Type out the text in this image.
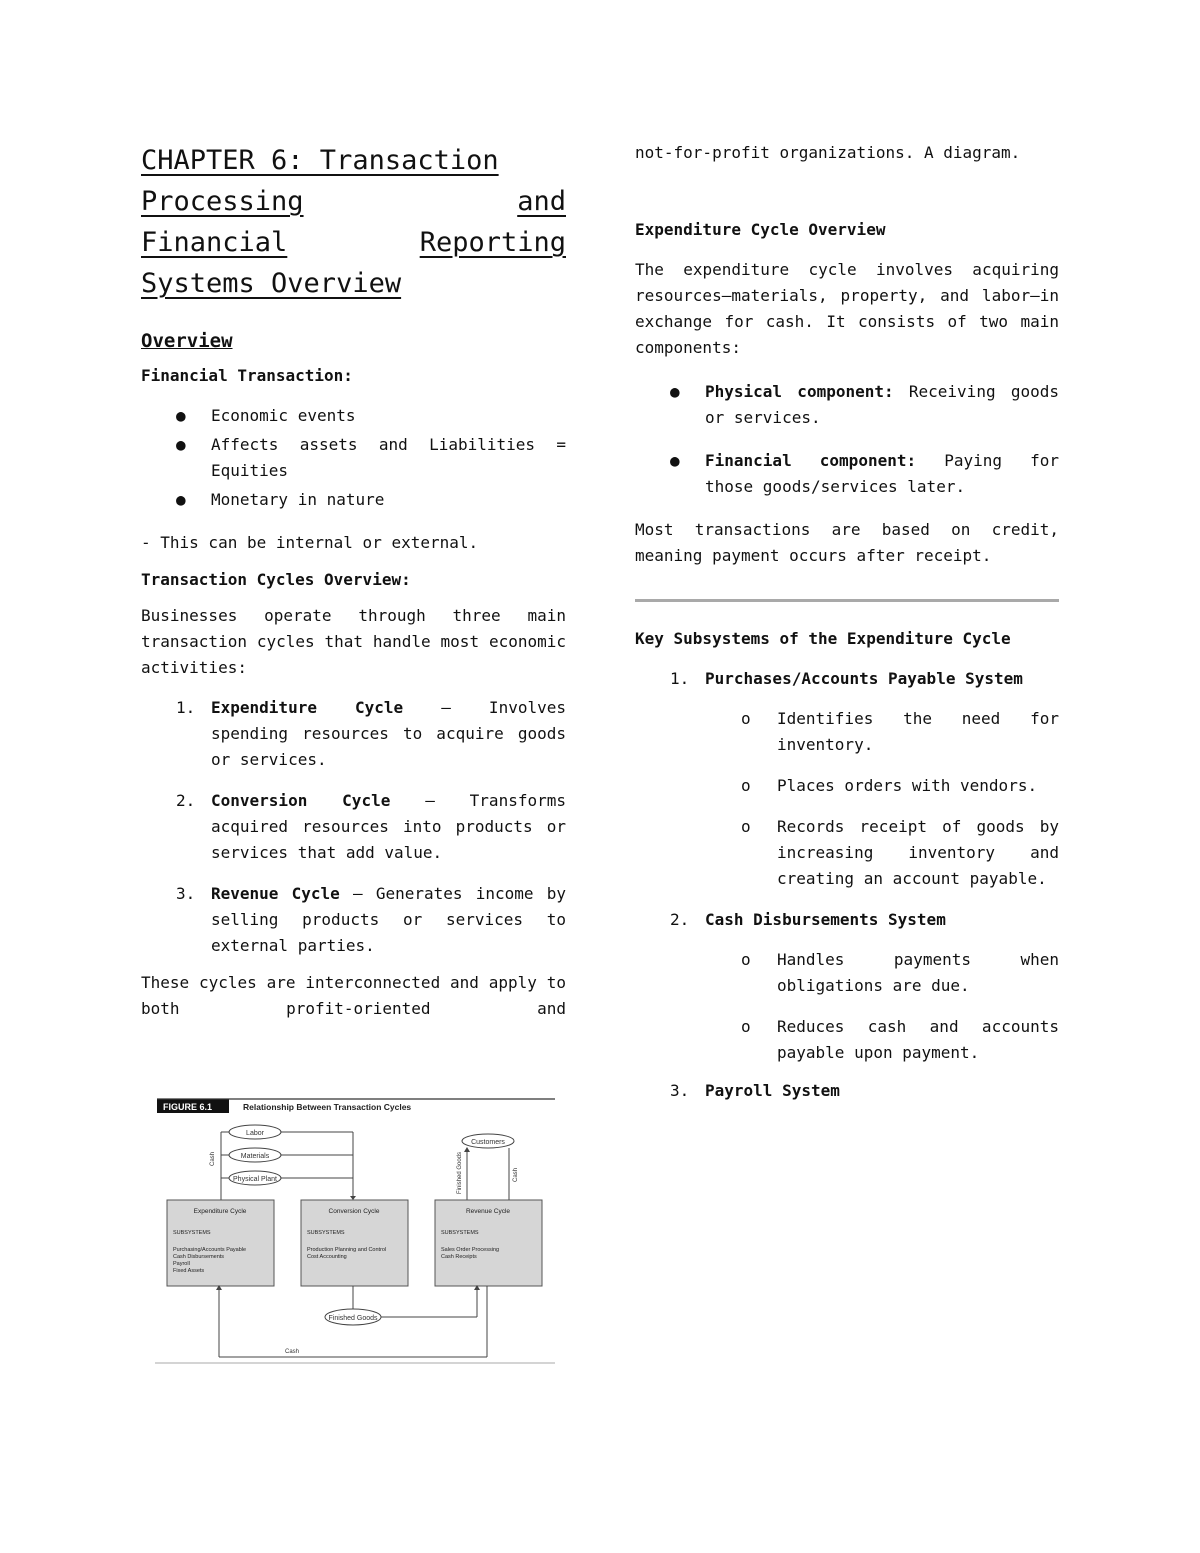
CHAPTER 6: Transaction

Processing	and

Financial	Reporting

Systems Overview

Overview

Financial Transaction:

● Economic events
● Affects assets and Liabilities = Equities
● Monetary in nature

- This can be internal or external.

Transaction Cycles Overview:

Businesses operate through three main transaction cycles that handle most economic activities:

1. Expenditure Cycle – Involves spending resources to acquire goods or services.
2. Conversion Cycle – Transforms acquired resources into products or services that add value.
3. Revenue Cycle – Generates income by selling products or services to external parties.

These cycles are interconnected and apply to both profit-oriented and

FIGURE 6.1	Relationship Between Transaction Cycles
Labor
Materials
Physical Plant
Customers
Finished Goods
Cash	Finished Goods	Cash
Expenditure Cycle
SUBSYSTEMS
Purchasing/Accounts Payable
Cash Disbursements
Payroll
Fixed Assets
Conversion Cycle
SUBSYSTEMS
Production Planning and Control
Cost Accounting
Revenue Cycle
SUBSYSTEMS
Sales Order Processing
Cash Receipts
Cash

not-for-profit organizations. A diagram.

Expenditure Cycle Overview

The expenditure cycle involves acquiring resources—materials, property, and labor—in exchange for cash. It consists of two main components:

● Physical component: Receiving goods or services.
● Financial component: Paying for those goods/services later.

Most transactions are based on credit, meaning payment occurs after receipt.

Key Subsystems of the Expenditure Cycle

1. Purchases/Accounts Payable System
o Identifies the need for inventory.
o Places orders with vendors.
o Records receipt of goods by increasing inventory and creating an account payable.
2. Cash Disbursements System
o Handles payments when obligations are due.
o Reduces cash and accounts payable upon payment.
3. Payroll System
